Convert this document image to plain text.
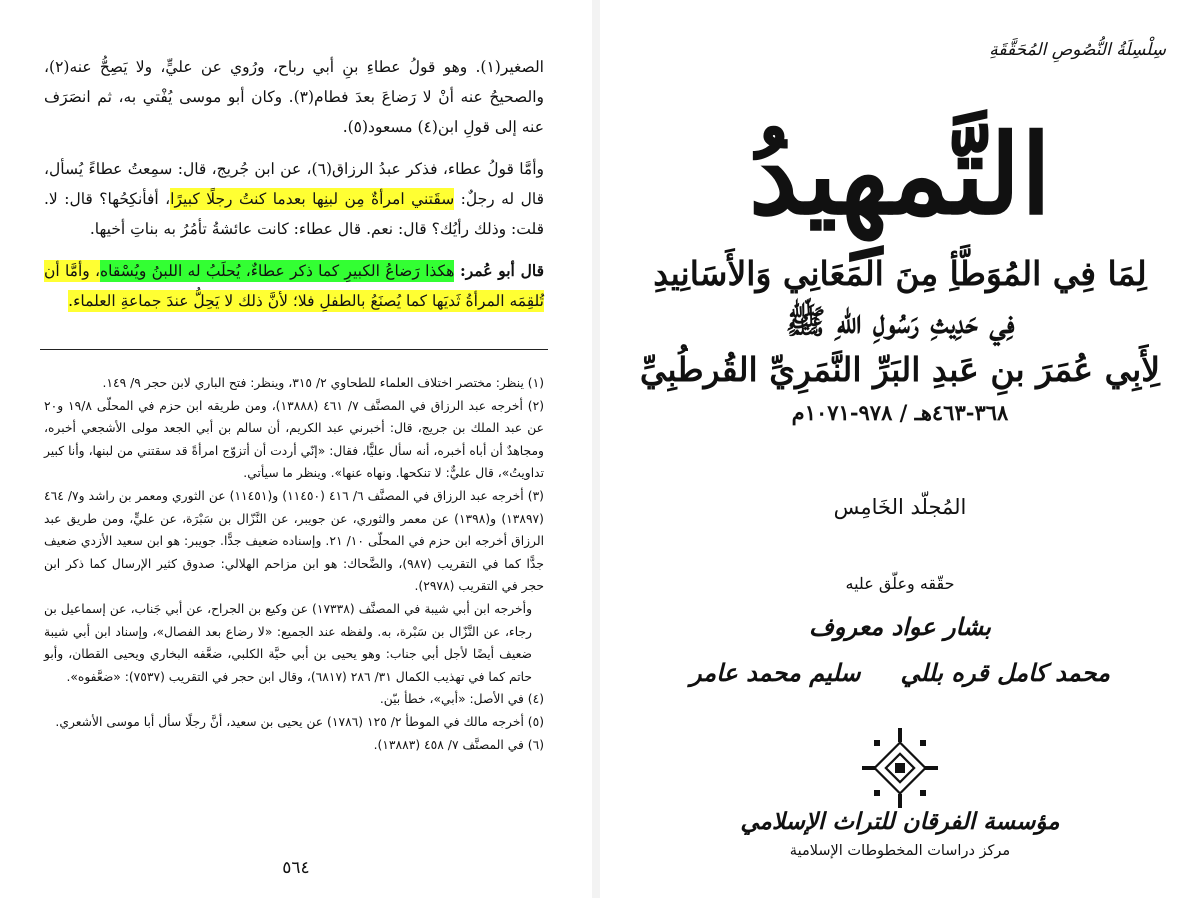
الصغير(١). وهو قولُ عطاءِ بنِ أبي رباح، ورُوي عن عليٍّ، ولا يَصِحُّ عنه(٢)، والصحيحُ عنه أنْ لا رَضاعَ بعدَ فطام(٣). وكان أبو موسى يُفْتي به، ثم انصَرَف عنه إلى قولِ ابن(٤) مسعود(٥).

وأمَّا قولُ عطاء، فذكر عبدُ الرزاق(٦)، عن ابن جُريج، قال: سمِعتُ عطاءً يُسأل، قال له رجلٌ: سقَتني امرأةٌ مِن لبنِها بعدما كنتُ رجلًا كبيرًا، أفأنكِحُها؟ قال: لا. قلت: وذلك رأيُك؟ قال: نعم. قال عطاء: كانت عائشةُ تأمُرُ به بناتِ أخيها.

قال أبو عُمر: هكذا رَضاعُ الكبيرِ كما ذكر عطاءٌ، يُحلَبُ له اللبنُ ويُسْقاه، وأمَّا أن تُلقِمَه المرأةُ ثَديَها كما يُصنَعُ بالطفلِ فلا؛ لأنَّ ذلك لا يَحِلُّ عندَ جماعةِ العلماء.

(١) ينظر: مختصر اختلاف العلماء للطحاوي ٢/ ٣١٥، وينظر: فتح الباري لابن حجر ٩/ ١٤٩.

(٢) أخرجه عبد الرزاق في المصنَّف ٧/ ٤٦١ (١٣٨٨٨)، ومن طريقه ابن حزم في المحلّى ١٩/٨ و٢٠ عن عبد الملك بن جريج، قال: أخبرني عبد الكريم، أن سالم بن أبي الجعد مولى الأشجعي أخبره، ومجاهدٌ أن أباه أخبره، أنه سأل عليًّا، فقال: «إنّي أردت أن أتزوّج امرأةً قد سقتني من لبنها، وأنا كبير تداويتُ»، قال عليٌّ: لا تنكحها. ونهاه عنها». وينظر ما سيأتي.

(٣) أخرجه عبد الرزاق في المصنَّف ٦/ ٤١٦ (١١٤٥٠) و(١١٤٥١) عن الثوري ومعمر بن راشد و٧/ ٤٦٤ (١٣٨٩٧) و(١٣٩٨) عن معمر والثوري، عن جويبر، عن النَّزّال بن سَبْرَة، عن عليٍّ، ومن طريق عبد الرزاق أخرجه ابن حزم في المحلّى ١٠/ ٢١. وإسناده ضعيف جدًّا. جويبر: هو ابن سعيد الأزدي ضعيف جدًّا كما في التقريب (٩٨٧)، والضَّحاك: هو ابن مزاحم الهلالي: صدوق كثير الإرسال كما ذكر ابن حجر في التقريب (٢٩٧٨).

وأخرجه ابن أبي شيبة في المصنَّف (١٧٣٣٨) عن وكيع بن الجراح، عن أبي جَناب، عن إسماعيل بن رجاء، عن النَّزّال بن سَبْرة، به. ولفظه عند الجميع: «لا رضاع بعد الفصال»، وإسناد ابن أبي شيبة ضعيف أيضًا لأجل أبي جناب: وهو يحيى بن أبي حيَّة الكلبي، ضعَّفه البخاري ويحيى القطان، وأبو حاتم كما في تهذيب الكمال ٣١/ ٢٨٦ (٦٨١٧)، وقال ابن حجر في التقريب (٧٥٣٧): «ضعَّفوه».

(٤) في الأصل: «أبي»، خطأ بيّن.

(٥) أخرجه مالك في الموطأ ٢/ ١٢٥ (١٧٨٦) عن يحيى بن سعيد، أنَّ رجلًا سأل أبا موسى الأشعري.

(٦) في المصنَّف ٧/ ٤٥٨ (١٣٨٨٣).

٥٦٤
سِلْسِلَةُ النُّصُوصِ المُحَقَّقَةِ
التَّمهِيدُ
لِمَا فِي المُوَطَّأِ مِنَ المَعَانِي وَالأَسَانِيدِ
فِي حَدِيثِ رَسُولِ اللهِ ﷺ
لِأَبِي عُمَرَ بنِ عَبدِ البَرِّ النَّمَرِيِّ القُرطُبِيِّ
٣٦٨-٤٦٣هـ / ٩٧٨-١٠٧١م
المُجلّد الخَامِس
حقّقه وعلّق عليه
بشار عواد معروف
محمد كامل قره بللي
سليم محمد عامر
مؤسسة الفرقان للتراث الإسلامي
مركز دراسات المخطوطات الإسلامية
